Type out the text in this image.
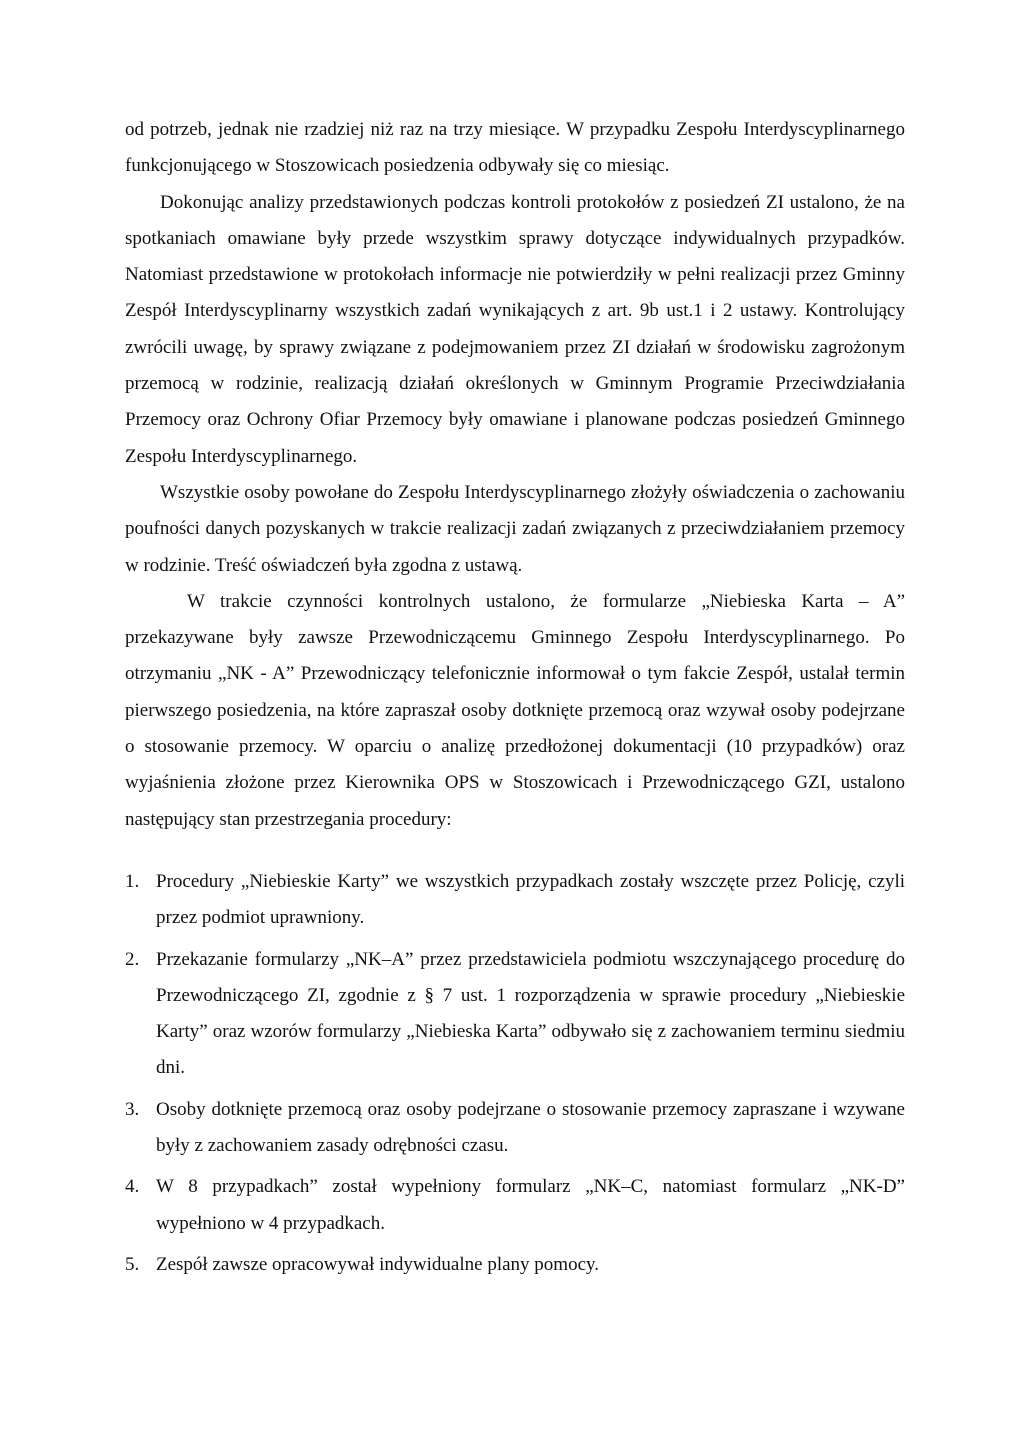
od potrzeb, jednak nie rzadziej niż raz na trzy miesiące. W przypadku Zespołu Interdyscyplinarnego funkcjonującego w Stoszowicach posiedzenia odbywały się co miesiąc.

Dokonując analizy przedstawionych podczas kontroli protokołów z posiedzeń ZI ustalono, że na spotkaniach omawiane były przede wszystkim sprawy dotyczące indywidualnych przypadków. Natomiast przedstawione w protokołach informacje nie potwierdziły w pełni realizacji przez Gminny Zespół Interdyscyplinarny wszystkich zadań wynikających z art. 9b ust.1 i 2 ustawy. Kontrolujący zwrócili uwagę, by sprawy związane z podejmowaniem przez ZI działań w środowisku zagrożonym przemocą w rodzinie, realizacją działań określonych w Gminnym Programie Przeciwdziałania Przemocy oraz Ochrony Ofiar Przemocy były omawiane i planowane podczas posiedzeń Gminnego Zespołu Interdyscyplinarnego.

Wszystkie osoby powołane do Zespołu Interdyscyplinarnego złożyły oświadczenia o zachowaniu poufności danych pozyskanych w trakcie realizacji zadań związanych z przeciwdziałaniem przemocy w rodzinie. Treść oświadczeń była zgodna z ustawą.

W trakcie czynności kontrolnych ustalono, że formularze „Niebieska Karta – A” przekazywane były zawsze Przewodniczącemu Gminnego Zespołu Interdyscyplinarnego. Po otrzymaniu „NK - A” Przewodniczący telefonicznie informował o tym fakcie Zespół, ustalał termin pierwszego posiedzenia, na które zapraszał osoby dotknięte przemocą oraz wzywał osoby podejrzane o stosowanie przemocy. W oparciu o analizę przedłożonej dokumentacji (10 przypadków) oraz wyjaśnienia złożone przez Kierownika OPS w Stoszowicach i Przewodniczącego GZI, ustalono następujący stan przestrzegania procedury:

1. Procedury „Niebieskie Karty” we wszystkich przypadkach zostały wszczęte przez Policję, czyli przez podmiot uprawniony.
2. Przekazanie formularzy „NK–A” przez przedstawiciela podmiotu wszczynającego procedurę do Przewodniczącego ZI, zgodnie z § 7 ust. 1 rozporządzenia w sprawie procedury „Niebieskie Karty” oraz wzorów formularzy „Niebieska Karta” odbywało się z zachowaniem terminu siedmiu dni.
3. Osoby dotknięte przemocą oraz osoby podejrzane o stosowanie przemocy zapraszane i wzywane były z zachowaniem zasady odrębności czasu.
4. W 8 przypadkach” został wypełniony formularz „NK–C, natomiast formularz „NK-D” wypełniono w 4 przypadkach.
5. Zespół zawsze opracowywał indywidualne plany pomocy.
